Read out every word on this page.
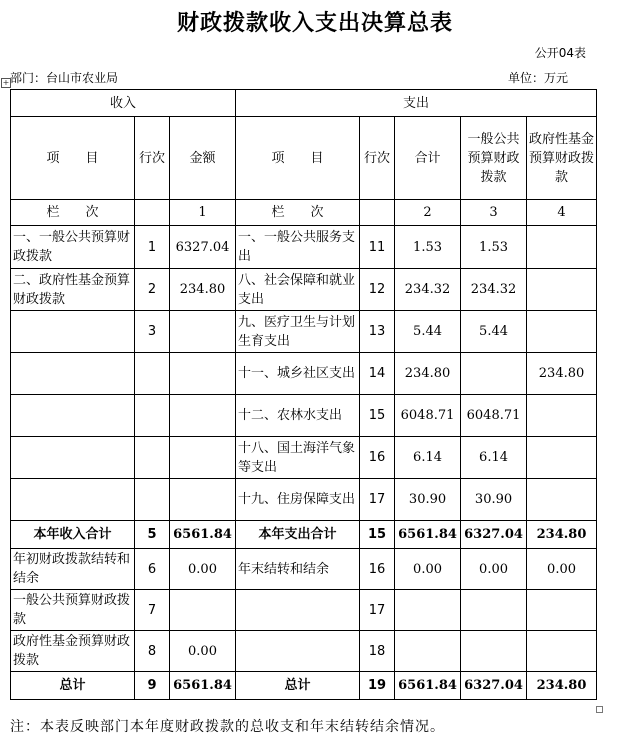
财政拨款收入支出决算总表
公开04表
+ 部门：台山市农业局	单位：万元
收入			支出				
项　　目	行次	金额	项　　目	行次	合计	一般公共预算财政拨款	政府性基金预算财政拨款
栏　　次		1	栏　　次		2	3	4
一、一般公共预算财政拨款	1	6327.04	一、一般公共服务支出	11	1.53	1.53	
二、政府性基金预算财政拨款	2	234.80	八、社会保障和就业支出	12	234.32	234.32	
	3		九、医疗卫生与计划生育支出	13	5.44	5.44	
			十一、城乡社区支出	14	234.80		234.80
			十二、农林水支出	15	6048.71	6048.71	
			十八、国土海洋气象等支出	16	6.14	6.14	
			十九、住房保障支出	17	30.90	30.90	
本年收入合计	5	6561.84	本年支出合计	15	6561.84	6327.04	234.80
年初财政拨款结转和结余	6	0.00	年末结转和结余	16	0.00	0.00	0.00
一般公共预算财政拨款	7			17			
政府性基金预算财政拨款	8	0.00		18			
总计	9	6561.84	总计	19	6561.84	6327.04	234.80
注：本表反映部门本年度财政拨款的总收支和年末结转结余情况。
